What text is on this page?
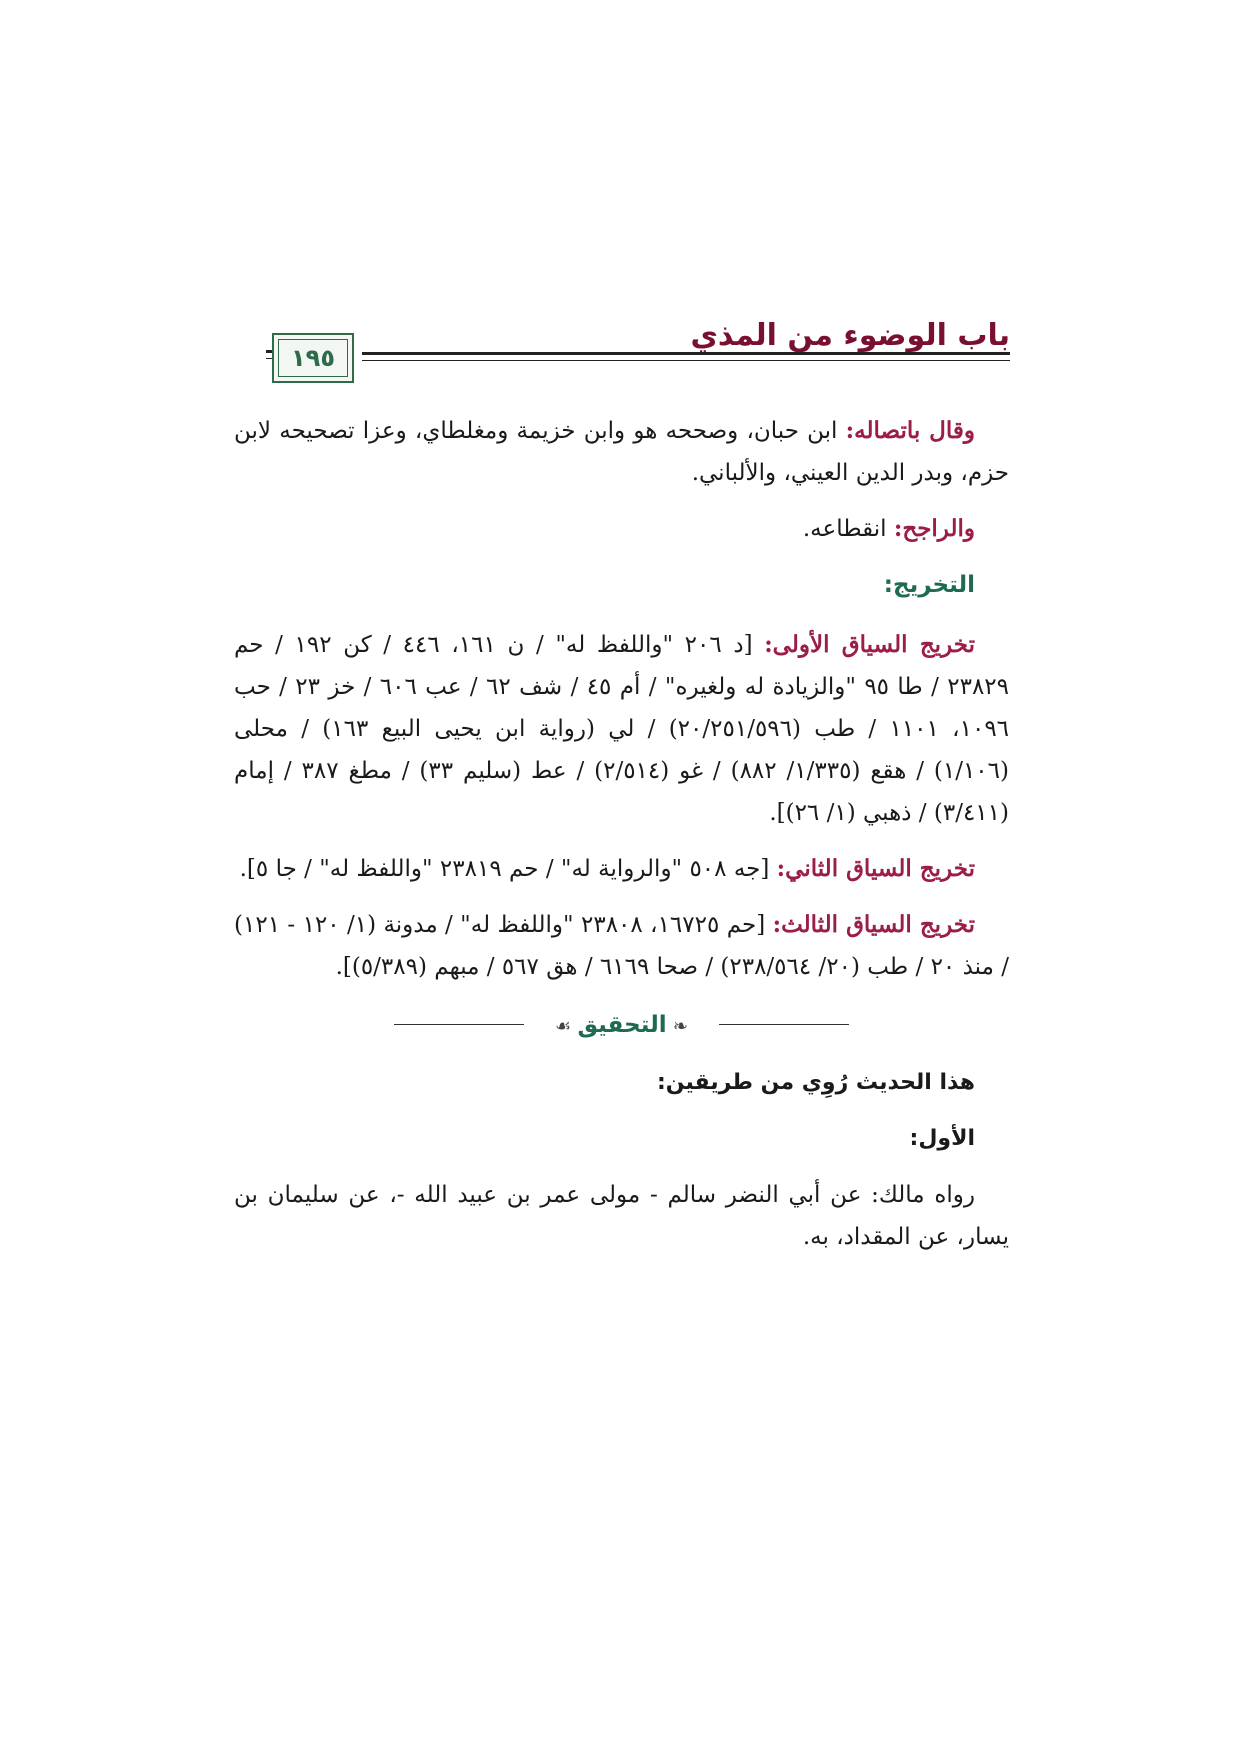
باب الوضوء من المذي
١٩٥

وقال باتصاله: ابن حبان، وصححه هو وابن خزيمة ومغلطاي، وعزا تصحيحه لابن حزم، وبدر الدين العيني، والألباني.

والراجح: انقطاعه.

التخريج:

تخريج السياق الأولى: [د ٢٠٦ "واللفظ له" / ن ١٦١، ٤٤٦ / كن ١٩٢ / حم ٢٣٨٢٩ / طا ٩٥ "والزيادة له ولغيره" / أم ٤٥ / شف ٦٢ / عب ٦٠٦ / خز ٢٣ / حب ١٠٩٦، ١١٠١ / طب (٢٠/٢٥١/٥٩٦) / لي (رواية ابن يحيى البيع ١٦٣) / محلى (١/١٠٦) / هقع (١/٣٣٥/ ٨٨٢) / غو (٢/٥١٤) / عط (سليم ٣٣) / مطغ ٣٨٧ / إمام (٣/٤١١) / ذهبي (١/ ٢٦)].

تخريج السياق الثاني: [جه ٥٠٨ "والرواية له" / حم ٢٣٨١٩ "واللفظ له" / جا ٥].

تخريج السياق الثالث: [حم ١٦٧٢٥، ٢٣٨٠٨ "واللفظ له" / مدونة (١/ ١٢٠ - ١٢١) / منذ ٢٠ / طب (٢٠/ ٢٣٨/٥٦٤) / صحا ٦١٦٩ / هق ٥٦٧ / مبهم (٥/٣٨٩)].

❧ التحقيق ☙

هذا الحديث رُوِي من طريقين:

الأول:

رواه مالك: عن أبي النضر سالم - مولى عمر بن عبيد الله -، عن سليمان بن يسار، عن المقداد، به.
